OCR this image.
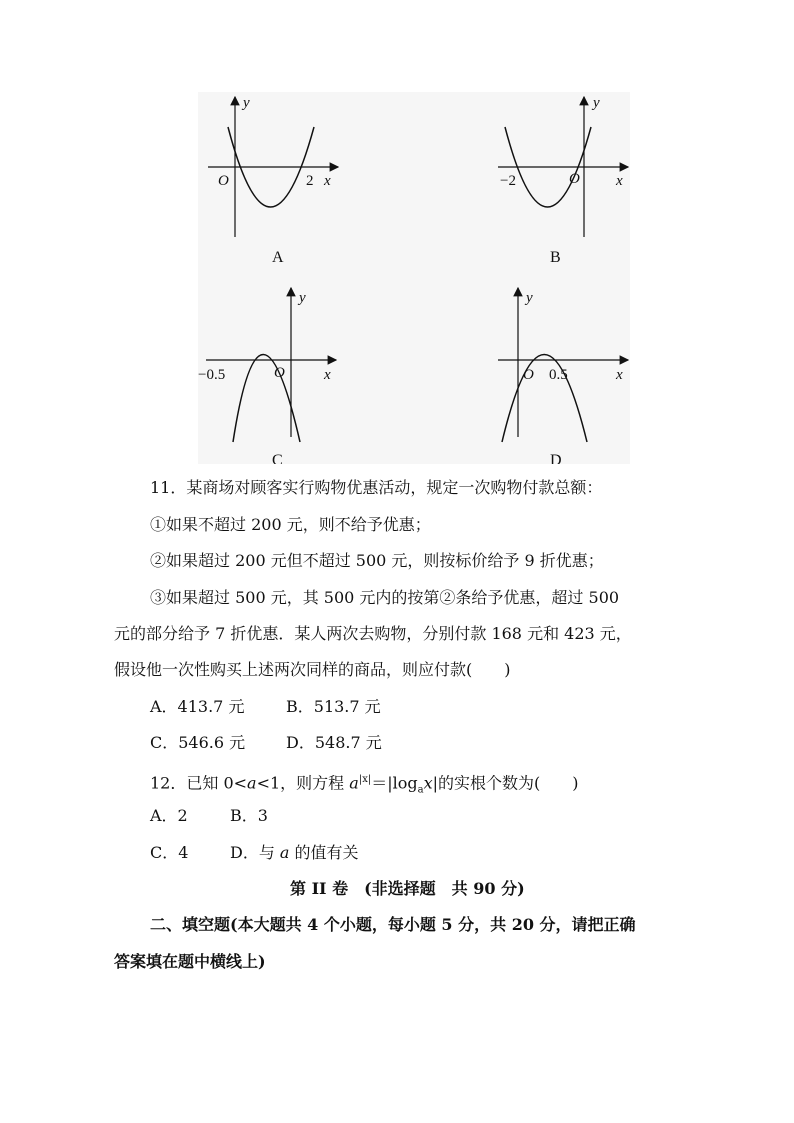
y
O	2 x
A
y
−2	O x
B
y
−0.5	O	x
C
y
O 0.5	x
D
11．某商场对顾客实行购物优惠活动，规定一次购物付款总额：
①如果不超过 200 元，则不给予优惠；
②如果超过 200 元但不超过 500 元，则按标价给予 9 折优惠；
③如果超过 500 元，其 500 元内的按第②条给予优惠，超过 500
元的部分给予 7 折优惠．某人两次去购物，分别付款 168 元和 423 元，
假设他一次性购买上述两次同样的商品，则应付款(　　)
A．413.7 元	B．513.7 元
C．546.6 元	D．548.7 元
12．已知 0<a<1，则方程 $a^{|x|}=|\log_ax|$的实根个数为(　　)
A．2	B．3
C．4	D．与 a 的值有关
第 II 卷　(非选择题　共 90 分)
二、填空题(本大题共 4 个小题，每小题 5 分，共 20 分，请把正确
答案填在题中横线上)
